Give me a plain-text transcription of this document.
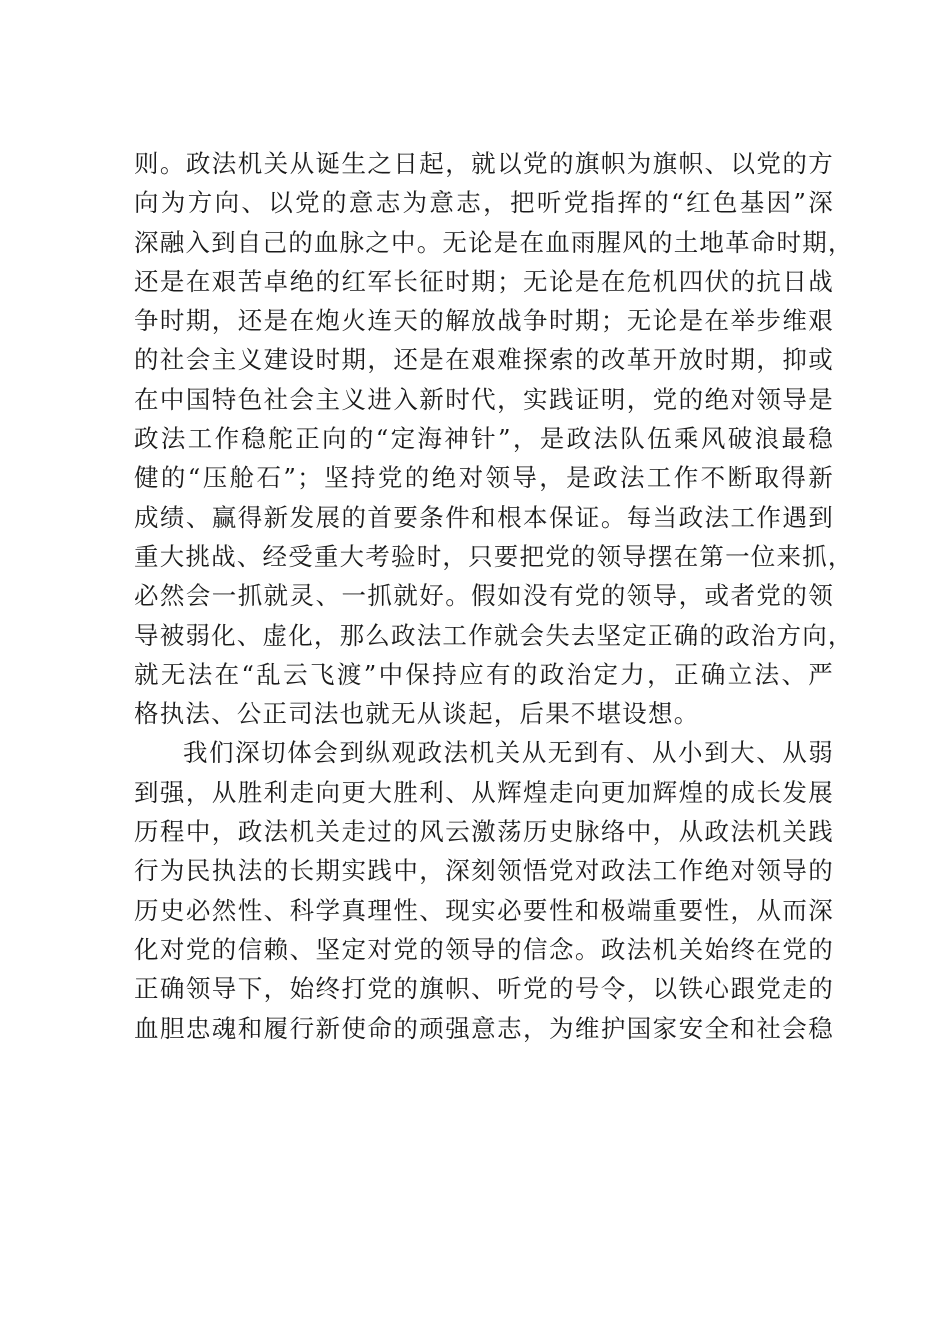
则。政法机关从诞生之日起，就以党的旗帜为旗帜、以党的方
向为方向、以党的意志为意志，把听党指挥的“红色基因”深
深融入到自己的血脉之中。无论是在血雨腥风的土地革命时期，
还是在艰苦卓绝的红军长征时期；无论是在危机四伏的抗日战
争时期，还是在炮火连天的解放战争时期；无论是在举步维艰
的社会主义建设时期，还是在艰难探索的改革开放时期，抑或
在中国特色社会主义进入新时代，实践证明，党的绝对领导是
政法工作稳舵正向的“定海神针”，是政法队伍乘风破浪最稳
健的“压舱石”；坚持党的绝对领导，是政法工作不断取得新
成绩、赢得新发展的首要条件和根本保证。每当政法工作遇到
重大挑战、经受重大考验时，只要把党的领导摆在第一位来抓，
必然会一抓就灵、一抓就好。假如没有党的领导，或者党的领
导被弱化、虚化，那么政法工作就会失去坚定正确的政治方向，
就无法在“乱云飞渡”中保持应有的政治定力，正确立法、严
格执法、公正司法也就无从谈起，后果不堪设想。

我们深切体会到纵观政法机关从无到有、从小到大、从弱
到强，从胜利走向更大胜利、从辉煌走向更加辉煌的成长发展
历程中，政法机关走过的风云激荡历史脉络中，从政法机关践
行为民执法的长期实践中，深刻领悟党对政法工作绝对领导的
历史必然性、科学真理性、现实必要性和极端重要性，从而深
化对党的信赖、坚定对党的领导的信念。政法机关始终在党的
正确领导下，始终打党的旗帜、听党的号令，以铁心跟党走的
血胆忠魂和履行新使命的顽强意志，为维护国家安全和社会稳
